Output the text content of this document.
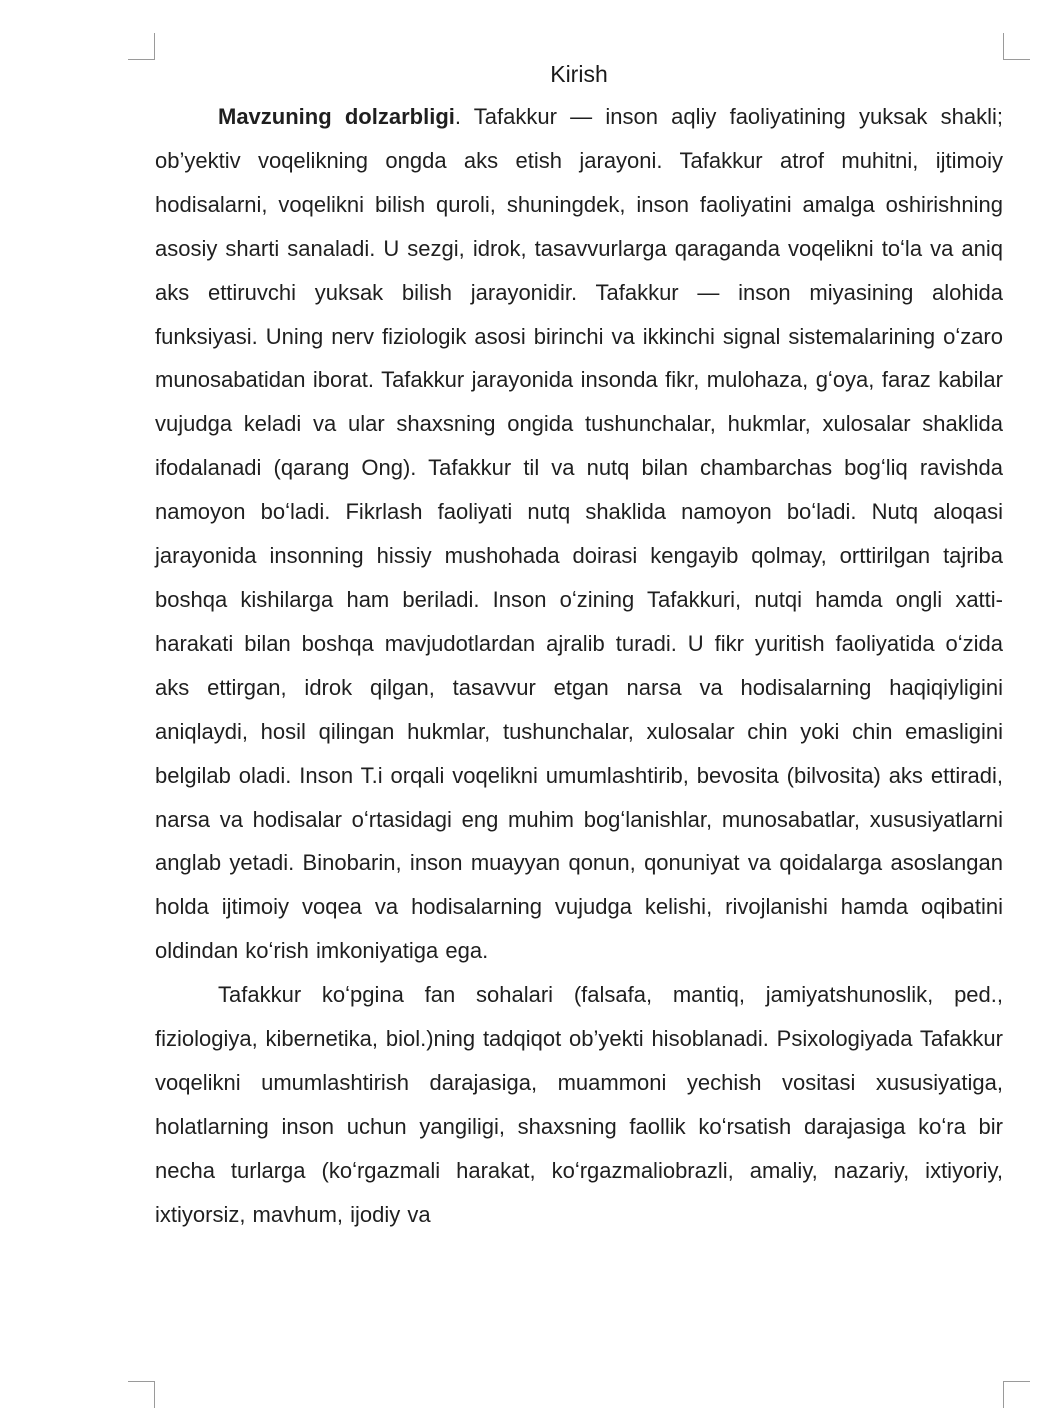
Kirish

Mavzuning dolzarbligi. Tafakkur — inson aqliy faoliyatining yuksak shakli; ob’yektiv voqelikning ongda aks etish jarayoni. Tafakkur atrof muhitni, ijtimoiy hodisalarni, voqelikni bilish quroli, shuningdek, inson faoliyatini amalga oshirishning asosiy sharti sanaladi. U sezgi, idrok, tasavvurlarga qaraganda voqelikni toʻla va aniq aks ettiruvchi yuksak bilish jarayonidir. Tafakkur — inson miyasining alohida funksiyasi. Uning nerv fiziologik asosi birinchi va ikkinchi signal sistemalarining oʻzaro munosabatidan iborat. Tafakkur jarayonida insonda fikr, mulohaza, gʻoya, faraz kabilar vujudga keladi va ular shaxsning ongida tushunchalar, hukmlar, xulosalar shaklida ifodalanadi (qarang Ong). Tafakkur til va nutq bilan chambarchas bogʻliq ravishda namoyon boʻladi. Fikrlash faoliyati nutq shaklida namoyon boʻladi. Nutq aloqasi jarayonida insonning hissiy mushohada doirasi kengayib qolmay, orttirilgan tajriba boshqa kishilarga ham beriladi. Inson oʻzining Tafakkuri, nutqi hamda ongli xatti-harakati bilan boshqa mavjudotlardan ajralib turadi. U fikr yuritish faoliyatida oʻzida aks ettirgan, idrok qilgan, tasavvur etgan narsa va hodisalarning haqiqiyligini aniqlaydi, hosil qilingan hukmlar, tushunchalar, xulosalar chin yoki chin emasligini belgilab oladi. Inson T.i orqali voqelikni umumlashtirib, bevosita (bilvosita) aks ettiradi, narsa va hodisalar oʻrtasidagi eng muhim bogʻlanishlar, munosabatlar, xususiyatlarni anglab yetadi. Binobarin, inson muayyan qonun, qonuniyat va qoidalarga asoslangan holda ijtimoiy voqea va hodisalarning vujudga kelishi, rivojlanishi hamda oqibatini oldindan koʻrish imkoniyatiga ega.

Tafakkur koʻpgina fan sohalari (falsafa, mantiq, jamiyatshunoslik, ped., fiziologiya, kibernetika, biol.)ning tadqiqot ob’yekti hisoblanadi. Psixologiyada Tafakkur voqelikni umumlashtirish darajasiga, muammoni yechish vositasi xususiyatiga, holatlarning inson uchun yangiligi, shaxsning faollik koʻrsatish darajasiga koʻra bir necha turlarga (koʻrgazmali harakat, koʻrgazmaliobrazli, amaliy, nazariy, ixtiyoriy, ixtiyorsiz, mavhum, ijodiy va
